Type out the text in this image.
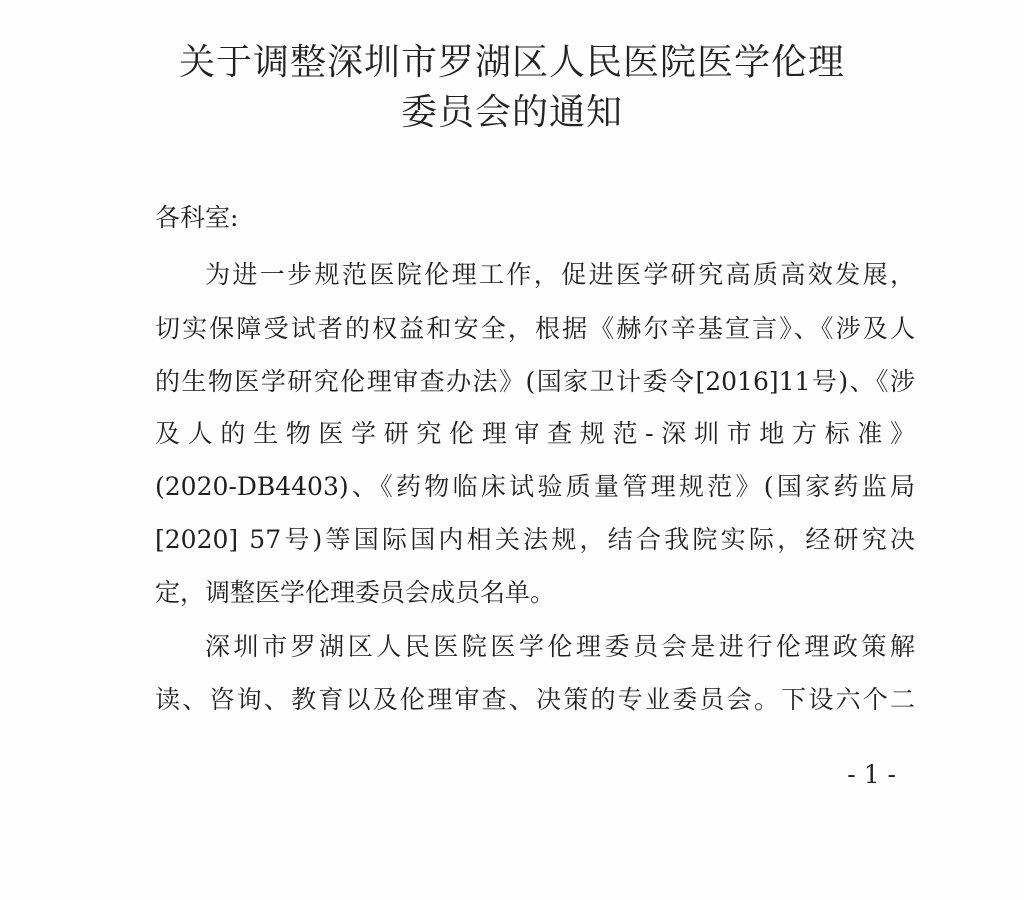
关于调整深圳市罗湖区人民医院医学伦理
委员会的通知
各科室:
为进一步规范医院伦理工作，促进医学研究高质高效发展，
切实保障受试者的权益和安全，根据《赫尔辛基宣言》、《涉及人
的生物医学研究伦理审查办法》(国家卫计委令[2016]11号)、《涉
及人的生物医学研究伦理审查规范-深圳市地方标准》
(2020-DB4403)、《药物临床试验质量管理规范》(国家药监局
[2020] 57号)等国际国内相关法规，结合我院实际，经研究决
定，调整医学伦理委员会成员名单。
深圳市罗湖区人民医院医学伦理委员会是进行伦理政策解
读、咨询、教育以及伦理审查、决策的专业委员会。下设六个二
- 1 -
